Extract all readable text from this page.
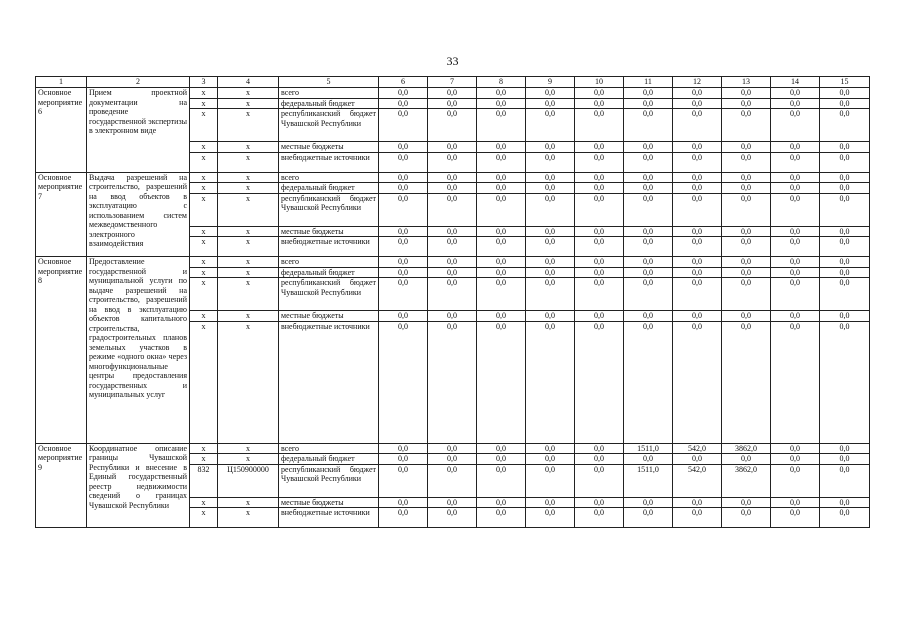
33
1	2	3	4	5	6	7	8	9	10	11	12	13	14	15
Основное мероприятие 6	Прием проектной документации на проведение государственной экспертизы в электронном виде	х	х	всего	0,0	0,0	0,0	0,0	0,0	0,0	0,0	0,0	0,0	0,0
		х	х	федеральный бюджет	0,0	0,0	0,0	0,0	0,0	0,0	0,0	0,0	0,0	0,0
		х	х	республиканский бюджет Чувашской Республики	0,0	0,0	0,0	0,0	0,0	0,0	0,0	0,0	0,0	0,0
		х	х	местные бюджеты	0,0	0,0	0,0	0,0	0,0	0,0	0,0	0,0	0,0	0,0
		х	х	внебюджетные источники	0,0	0,0	0,0	0,0	0,0	0,0	0,0	0,0	0,0	0,0
Основное мероприятие 7	Выдача разрешений на строительство, разрешений на ввод объектов в эксплуатацию с использованием систем межведомственного электронного взаимодействия	х	х	всего	0,0	0,0	0,0	0,0	0,0	0,0	0,0	0,0	0,0	0,0
		х	х	федеральный бюджет	0,0	0,0	0,0	0,0	0,0	0,0	0,0	0,0	0,0	0,0
		х	х	республиканский бюджет Чувашской Республики	0,0	0,0	0,0	0,0	0,0	0,0	0,0	0,0	0,0	0,0
		х	х	местные бюджеты	0,0	0,0	0,0	0,0	0,0	0,0	0,0	0,0	0,0	0,0
		х	х	внебюджетные источники	0,0	0,0	0,0	0,0	0,0	0,0	0,0	0,0	0,0	0,0
Основное мероприятие 8	Предоставление государственной и муниципальной услуги по выдаче разрешений на строительство, разрешений на ввод в эксплуатацию объектов капитального строительства, градостроительных планов земельных участков в режиме «одного окна» через многофункциональные центры предоставления государственных и муниципальных услуг	х	х	всего	0,0	0,0	0,0	0,0	0,0	0,0	0,0	0,0	0,0	0,0
		х	х	федеральный бюджет	0,0	0,0	0,0	0,0	0,0	0,0	0,0	0,0	0,0	0,0
		х	х	республиканский бюджет Чувашской Республики	0,0	0,0	0,0	0,0	0,0	0,0	0,0	0,0	0,0	0,0
		х	х	местные бюджеты	0,0	0,0	0,0	0,0	0,0	0,0	0,0	0,0	0,0	0,0
		х	х	внебюджетные источники	0,0	0,0	0,0	0,0	0,0	0,0	0,0	0,0	0,0	0,0
Основное мероприятие 9	Координатное описание границы Чувашской Республики и внесение в Единый государственный реестр недвижимости сведений о границах Чувашской Республики	х	х	всего	0,0	0,0	0,0	0,0	0,0	1511,0	542,0	3862,0	0,0	0,0
		х	х	федеральный бюджет	0,0	0,0	0,0	0,0	0,0	0,0	0,0	0,0	0,0	0,0
		832	Ц150900000	республиканский бюджет Чувашской Республики	0,0	0,0	0,0	0,0	0,0	1511,0	542,0	3862,0	0,0	0,0
		х	х	местные бюджеты	0,0	0,0	0,0	0,0	0,0	0,0	0,0	0,0	0,0	0,0
		х	х	внебюджетные источники	0,0	0,0	0,0	0,0	0,0	0,0	0,0	0,0	0,0	0,0
